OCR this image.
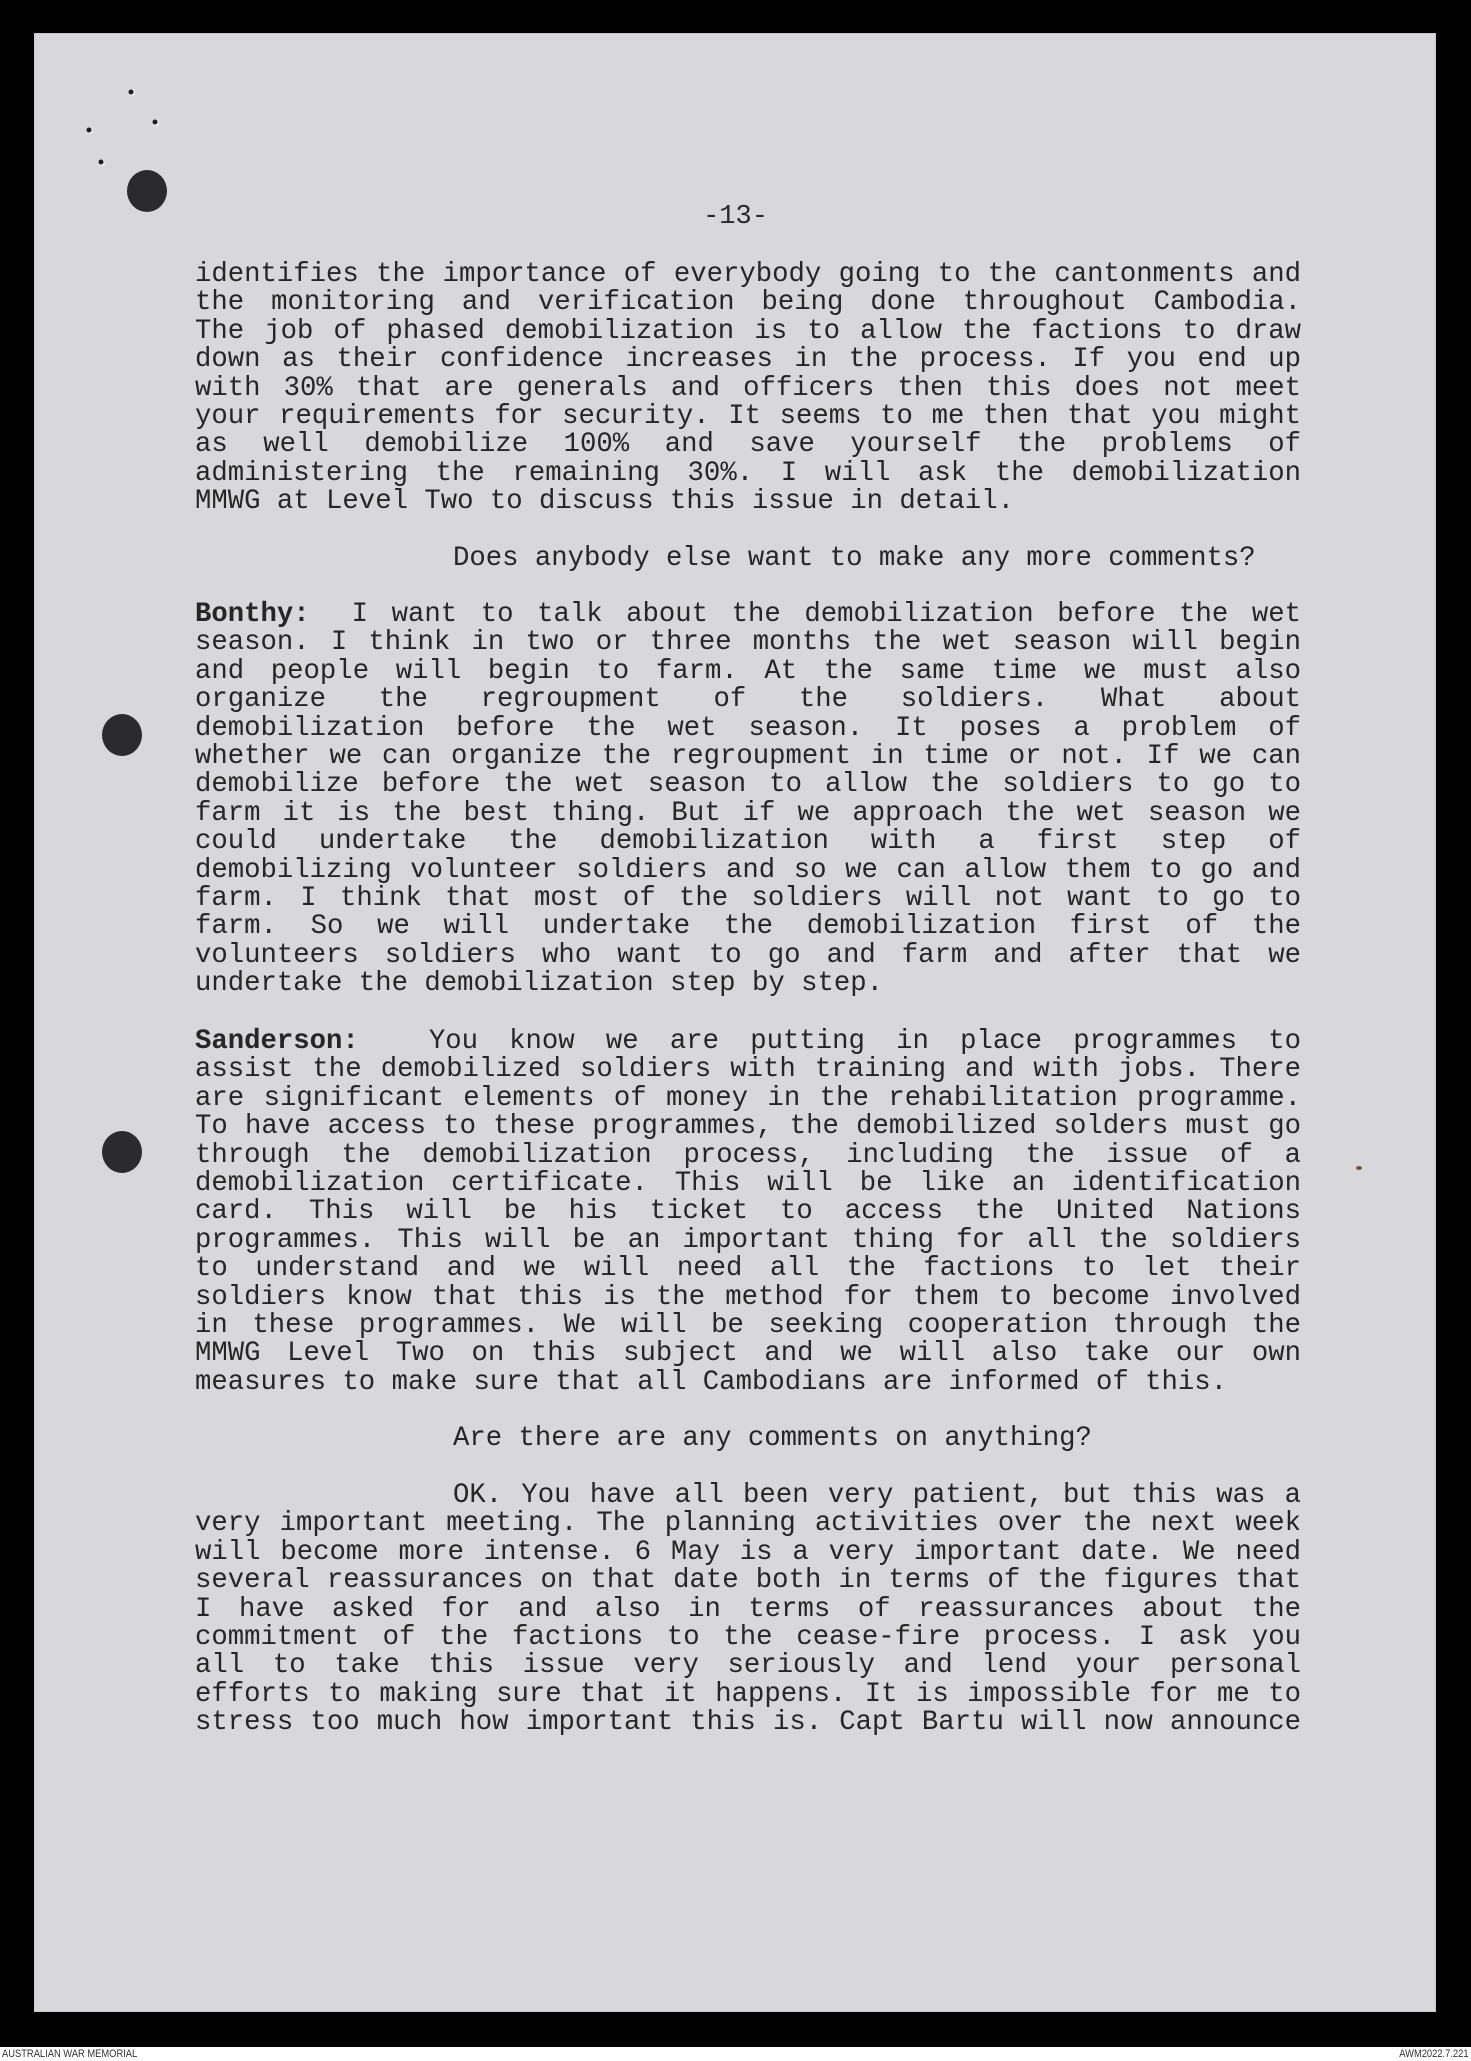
-13-
identifies the importance of everybody going to the cantonments and
the monitoring and verification being done throughout Cambodia.
The job of phased demobilization is to allow the factions to draw
down as their confidence increases in the process. If you end up
with 30% that are generals and officers then this does not meet
your requirements for security. It seems to me then that you might
as well demobilize 100% and save yourself the problems of
administering the remaining 30%. I will ask the demobilization
MMWG at Level Two to discuss this issue in detail.
Does anybody else want to make any more comments?
Bonthy: I want to talk about the demobilization before the wet
season. I think in two or three months the wet season will begin
and people will begin to farm. At the same time we must also
organize the regroupment of the soldiers. What about
demobilization before the wet season. It poses a problem of
whether we can organize the regroupment in time or not. If we can
demobilize before the wet season to allow the soldiers to go to
farm it is the best thing. But if we approach the wet season we
could undertake the demobilization with a first step of
demobilizing volunteer soldiers and so we can allow them to go and
farm. I think that most of the soldiers will not want to go to
farm. So we will undertake the demobilization first of the
volunteers soldiers who want to go and farm and after that we
undertake the demobilization step by step.
Sanderson:	You know we are putting in place programmes to
assist the demobilized soldiers with training and with jobs. There
are significant elements of money in the rehabilitation programme.
To have access to these programmes, the demobilized solders must go
through the demobilization process, including the issue of a
demobilization certificate. This will be like an identification
card. This will be his ticket to access the United Nations
programmes. This will be an important thing for all the soldiers
to understand and we will need all the factions to let their
soldiers know that this is the method for them to become involved
in these programmes. We will be seeking cooperation through the
MMWG Level Two on this subject and we will also take our own
measures to make sure that all Cambodians are informed of this.
Are there are any comments on anything?
OK. You have all been very patient, but this was a
very important meeting. The planning activities over the next week
will become more intense. 6 May is a very important date. We need
several reassurances on that date both in terms of the figures that
I have asked for and also in terms of reassurances about the
commitment of the factions to the cease-fire process. I ask you
all to take this issue very seriously and lend your personal
efforts to making sure that it happens. It is impossible for me to
stress too much how important this is. Capt Bartu will now announce
AUSTRALIAN WAR MEMORIAL	AWM2022.7.221
